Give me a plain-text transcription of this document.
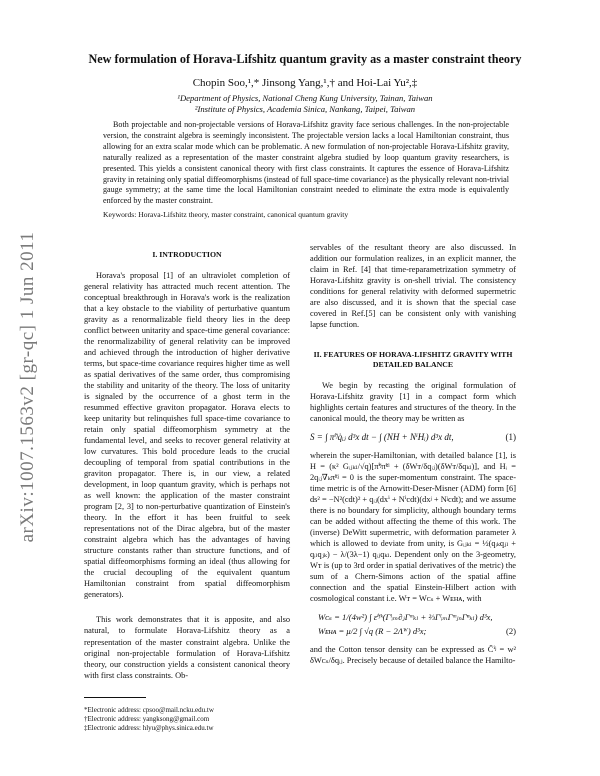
arXiv:1007.1563v2 [gr-qc] 1 Jun 2011
New formulation of Horava-Lifshitz quantum gravity as a master constraint theory
Chopin Soo,¹,* Jinsong Yang,¹,† and Hoi-Lai Yu²,‡
¹Department of Physics, National Cheng Kung University, Tainan, Taiwan
²Institute of Physics, Academia Sinica, Nankang, Taipei, Taiwan
Both projectable and non-projectable versions of Horava-Lifshitz gravity face serious challenges. In the non-projectable version, the constraint algebra is seemingly inconsistent. The projectable version lacks a local Hamiltonian constraint, thus allowing for an extra scalar mode which can be problematic. A new formulation of non-projectable Horava-Lifshitz gravity, naturally realized as a representation of the master constraint algebra studied by loop quantum gravity researchers, is presented. This yields a consistent canonical theory with first class constraints. It captures the essence of Horava-Lifshitz gravity in retaining only spatial diffeomorphisms (instead of full space-time covariance) as the physically relevant non-trivial gauge symmetry; at the same time the local Hamiltonian constraint needed to eliminate the extra mode is equivalently enforced by the master constraint.
Keywords: Horava-Lifshitz theory, master constraint, canonical quantum gravity
I. INTRODUCTION

Horava's proposal [1] of an ultraviolet completion of general relativity has attracted much recent attention. The conceptual breakthrough in Horava's work is the realization that a key obstacle to the viability of perturbative quantum gravity as a renormalizable field theory lies in the deep conflict between unitarity and space-time general covariance: the renormalizability of general relativity can be improved and achieved through the introduction of higher derivative terms, but space-time covariance requires higher time as well as spatial derivatives of the same order, thus compromising the stability and unitarity of the theory. The loss of unitarity is signaled by the occurrence of a ghost term in the resummed effective graviton propagator. Horava elects to keep unitarity but relinquishes full space-time covariance to retain only spatial diffeomorphism symmetry at the fundamental level, and seeks to recover general relativity at low curvatures. This bold procedure leads to the crucial decoupling of temporal from spatial contributions in the graviton propagator. There is, in our view, a related development, in loop quantum gravity, which is perhaps not as well known: the application of the master constraint program [2, 3] to non-perturbative quantization of Einstein's theory. In the effort it has been fruitful to seek representations not of the Dirac algebra, but of the master constraint algebra which has the advantages of having structure constants rather than structure functions, and of spatial diffeomorphisms forming an ideal (thus allowing for the crucial decoupling of the equivalent quantum Hamiltonian constraint from spatial diffeomorphism generators).

This work demonstrates that it is apposite, and also natural, to formulate Horava-Lifshitz theory as a representation of the master constraint algebra. Unlike the original non-projectable formulation of Horava-Lifshitz theory, our construction yields a consistent canonical theory with first class constraints. Ob-

*Electronic address: cpsoo@mail.ncku.edu.tw
†Electronic address: yangksong@gmail.com
‡Electronic address: hlyu@phys.sinica.edu.tw

servables of the resultant theory are also discussed. In addition our formulation realizes, in an explicit manner, the claim in Ref. [4] that time-reparametrization symmetry of Horava-Lifshitz gravity is on-shell trivial. The consistency conditions for general relativity with deformed supermetric are also discussed, and it is shown that the special case covered in Ref.[5] can be consistent only with vanishing lapse function.

II. FEATURES OF HORAVA-LIFSHITZ GRAVITY WITH DETAILED BALANCE

We begin by recasting the original formulation of Horava-Lifshitz gravity [1] in a compact form which highlights certain features and structures of the theory. In the canonical mould, the theory may be written as

S = ∫ π̃ⁱʲq̇ᵢⱼ d³x dt − ∫ (NH + NⁱHᵢ) d³x dt,	(1)

wherein the super-Hamiltonian, with detailed balance [1], is H = (κ² Gᵢⱼₖₗ/√q)[π̃ⁱʲπ̃ᵏˡ + (δWᴛ/δqᵢⱼ)(δWᴛ/δqₖₗ)], and Hᵢ = 2qᵢⱼ∇ₖπ̃ᵏʲ = 0 is the super-momentum constraint. The space-time metric is of the Arnowitt-Deser-Misner (ADM) form [6] ds² = −N²(cdt)² + qᵢⱼ(dxⁱ + Nⁱcdt)(dxʲ + Nʲcdt); and we assume there is no boundary for simplicity, although boundary terms can be added without affecting the theme of this work. The (inverse) DeWitt supermetric, with deformation parameter λ which is allowed to deviate from unity, is Gᵢⱼₖₗ = ½(qᵢₖqⱼₗ + qᵢₗqⱼₖ) − λ/(3λ−1) qᵢⱼqₖₗ. Dependent only on the 3-geometry, Wᴛ is (up to 3rd order in spatial derivatives of the metric) the sum of a Chern-Simons action of the spatial affine connection and the spatial Einstein-Hilbert action with cosmological constant i.e. Wᴛ = Wᴄₛ + Wᴇʜᴀ, with

Wᴄₛ = 1/(4w²) ∫ ε̃ⁱʲᵏ(Γˡᵢₘ∂ⱼΓᵐₖₗ + ⅔ΓˡᵢₘΓᵐⱼₙΓⁿₖₗ) d³x,
Wᴇʜᴀ = μ/2 ∫ √q (R − 2Λᵂ) d³x;	(2)

and the Cotton tensor density can be expressed as C̃ⁱʲ = w² δWᴄₛ/δqᵢⱼ. Precisely because of detailed balance the Hamilto-
